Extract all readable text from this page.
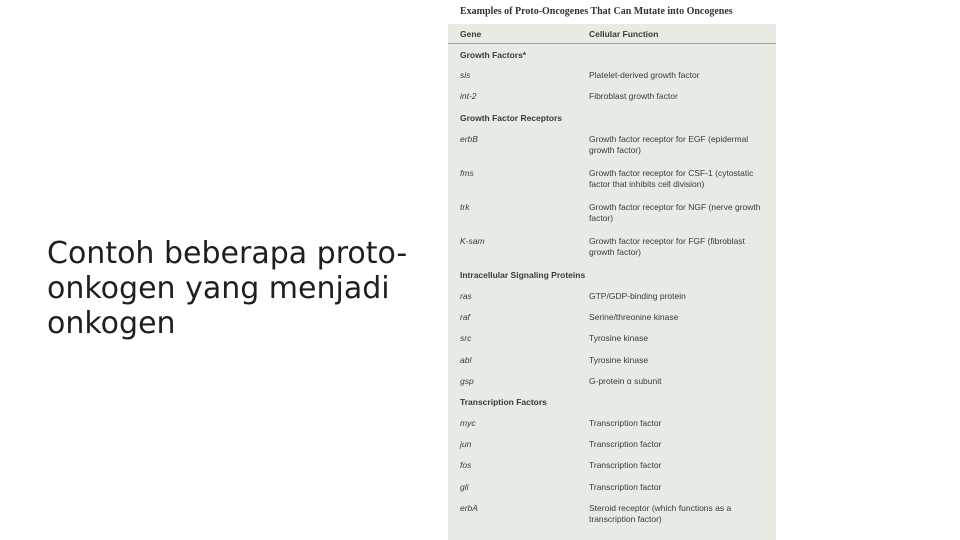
Contoh beberapa proto-
onkogen yang menjadi
onkogen
Examples of Proto-Oncogenes That Can Mutate into Oncogenes
Gene	Cellular Function
Growth Factors*
sis	Platelet-derived growth factor
int-2	Fibroblast growth factor
Growth Factor Receptors
erbB	Growth factor receptor for EGF (epidermal growth factor)
fms	Growth factor receptor for CSF-1 (cytostatic factor that inhibits cell division)
trk	Growth factor receptor for NGF (nerve growth factor)
K-sam	Growth factor receptor for FGF (fibroblast growth factor)
Intracellular Signaling Proteins
ras	GTP/GDP-binding protein
raf	Serine/threonine kinase
src	Tyrosine kinase
abl	Tyrosine kinase
gsp	G-protein α subunit
Transcription Factors
myc	Transcription factor
jun	Transcription factor
fos	Transcription factor
gli	Transcription factor
erbA	Steroid receptor (which functions as a transcription factor)
